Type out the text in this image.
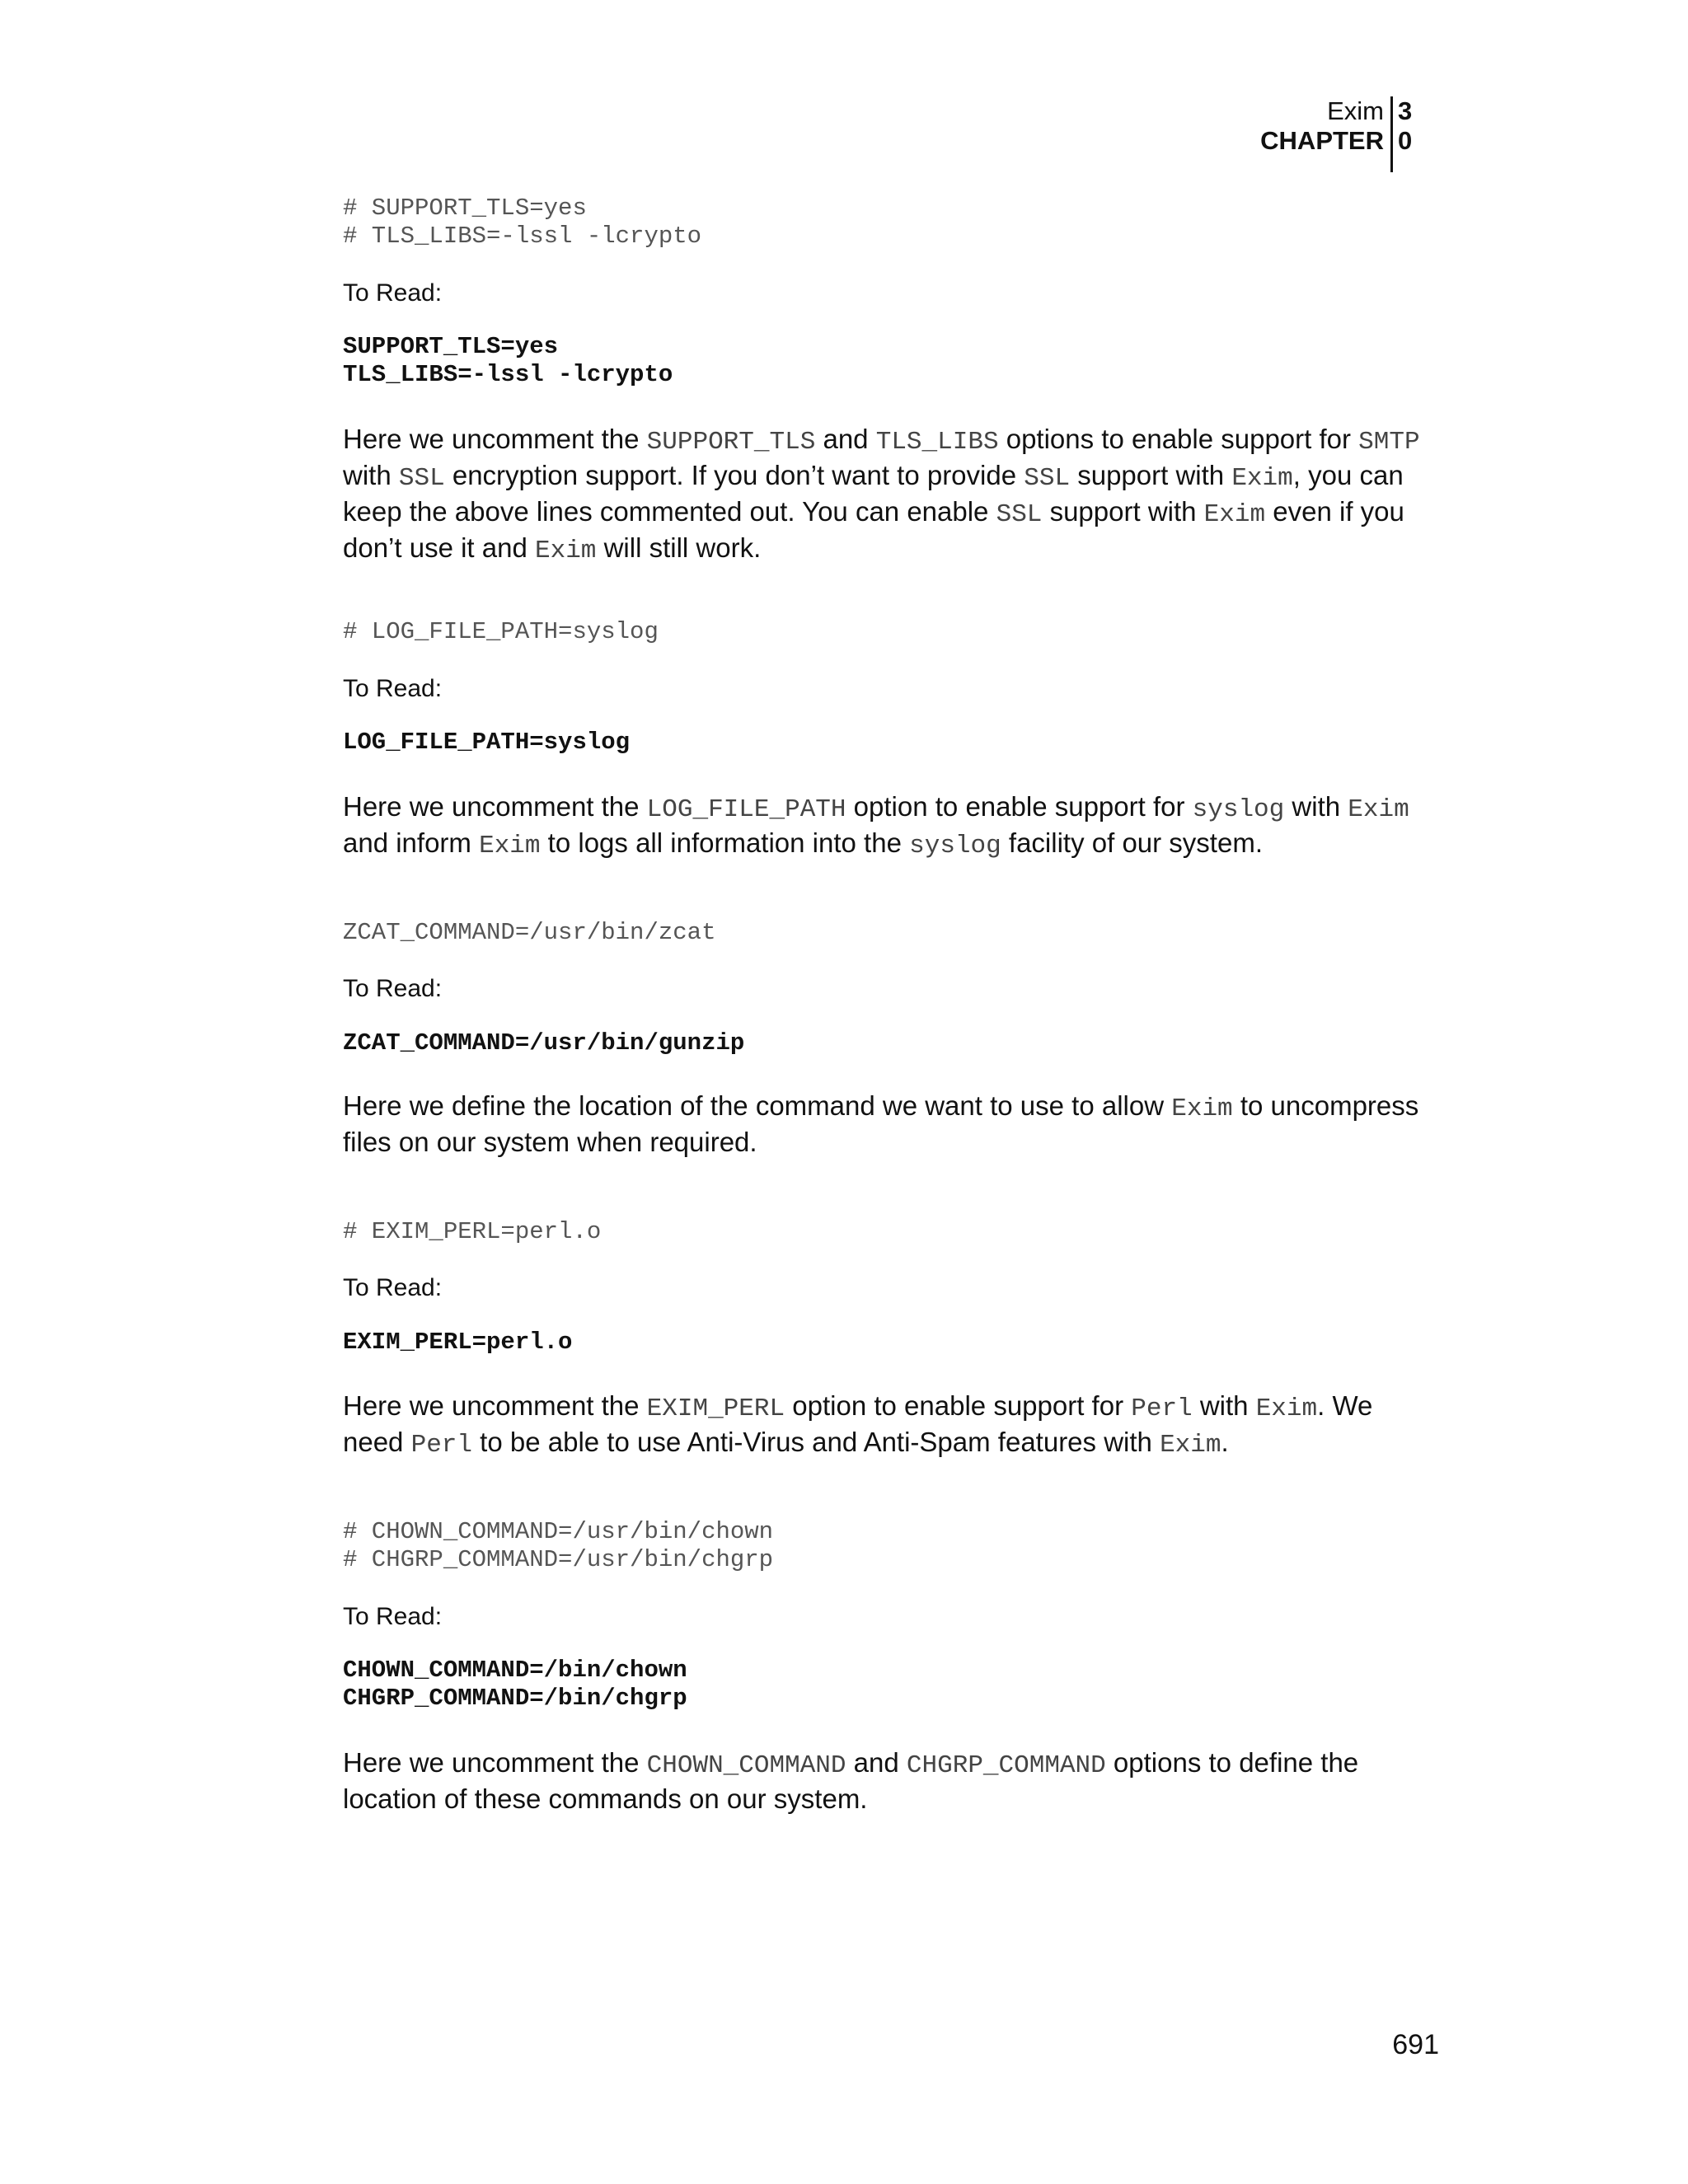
Exim
CHAPTER
3
0
# SUPPORT_TLS=yes
# TLS_LIBS=-lssl -lcrypto
To Read:
SUPPORT_TLS=yes
TLS_LIBS=-lssl -lcrypto
Here we uncomment the SUPPORT_TLS and TLS_LIBS options to enable support for SMTP with SSL encryption support. If you don’t want to provide SSL support with Exim, you can keep the above lines commented out. You can enable SSL support with Exim even if you don’t use it and Exim will still work.
# LOG_FILE_PATH=syslog
To Read:
LOG_FILE_PATH=syslog
Here we uncomment the LOG_FILE_PATH option to enable support for syslog with Exim and inform Exim to logs all information into the syslog facility of our system.
ZCAT_COMMAND=/usr/bin/zcat
To Read:
ZCAT_COMMAND=/usr/bin/gunzip
Here we define the location of the command we want to use to allow Exim to uncompress files on our system when required.
# EXIM_PERL=perl.o
To Read:
EXIM_PERL=perl.o
Here we uncomment the EXIM_PERL option to enable support for Perl with Exim. We need Perl to be able to use Anti-Virus and Anti-Spam features with Exim.
# CHOWN_COMMAND=/usr/bin/chown
# CHGRP_COMMAND=/usr/bin/chgrp
To Read:
CHOWN_COMMAND=/bin/chown
CHGRP_COMMAND=/bin/chgrp
Here we uncomment the CHOWN_COMMAND and CHGRP_COMMAND options to define the location of these commands on our system.
691
